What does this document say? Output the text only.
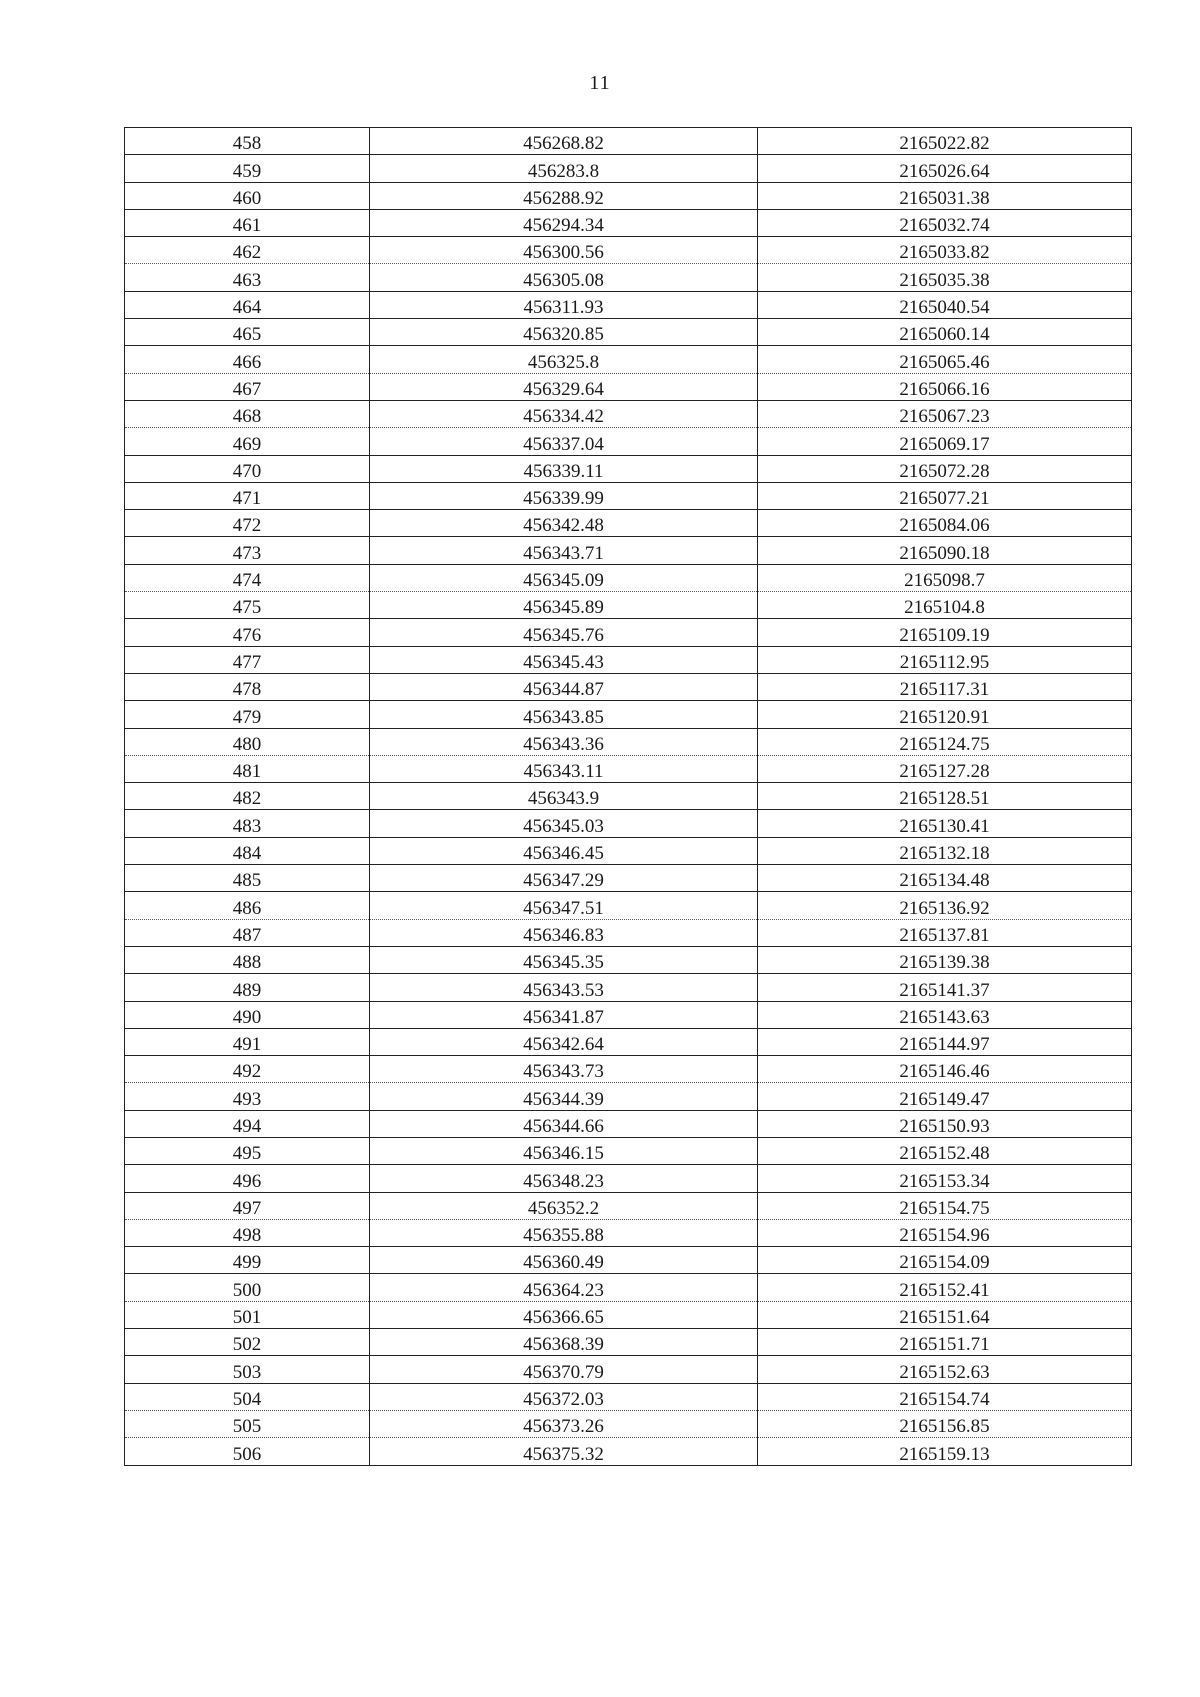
11
458	456268.82	2165022.82
459	456283.8	2165026.64
460	456288.92	2165031.38
461	456294.34	2165032.74
462	456300.56	2165033.82
463	456305.08	2165035.38
464	456311.93	2165040.54
465	456320.85	2165060.14
466	456325.8	2165065.46
467	456329.64	2165066.16
468	456334.42	2165067.23
469	456337.04	2165069.17
470	456339.11	2165072.28
471	456339.99	2165077.21
472	456342.48	2165084.06
473	456343.71	2165090.18
474	456345.09	2165098.7
475	456345.89	2165104.8
476	456345.76	2165109.19
477	456345.43	2165112.95
478	456344.87	2165117.31
479	456343.85	2165120.91
480	456343.36	2165124.75
481	456343.11	2165127.28
482	456343.9	2165128.51
483	456345.03	2165130.41
484	456346.45	2165132.18
485	456347.29	2165134.48
486	456347.51	2165136.92
487	456346.83	2165137.81
488	456345.35	2165139.38
489	456343.53	2165141.37
490	456341.87	2165143.63
491	456342.64	2165144.97
492	456343.73	2165146.46
493	456344.39	2165149.47
494	456344.66	2165150.93
495	456346.15	2165152.48
496	456348.23	2165153.34
497	456352.2	2165154.75
498	456355.88	2165154.96
499	456360.49	2165154.09
500	456364.23	2165152.41
501	456366.65	2165151.64
502	456368.39	2165151.71
503	456370.79	2165152.63
504	456372.03	2165154.74
505	456373.26	2165156.85
506	456375.32	2165159.13
